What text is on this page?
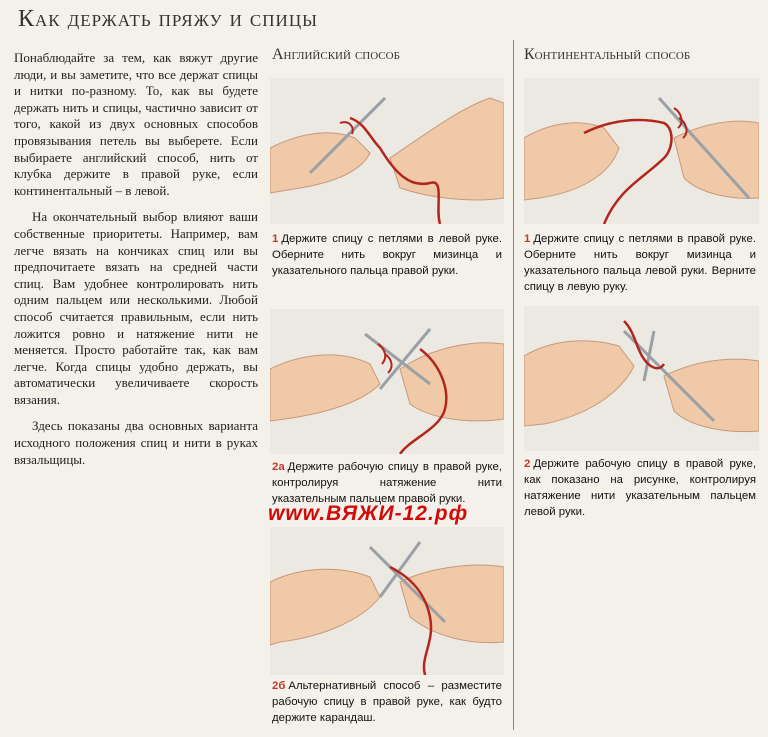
Как держать пряжу и спицы

Понаблюдайте за тем, как вяжут другие люди, и вы заметите, что все держат спицы и нитки по-разному. То, как вы будете держать нить и спицы, частично зависит от того, какой из двух основных способов провязывания петель вы выберете. Если выбираете английский способ, нить от клубка держите в правой руке, если континентальный – в левой.

На окончательный выбор влияют ваши собственные приоритеты. Например, вам легче вязать на кончиках спиц или вы предпочитаете вязать на средней части спиц. Вам удобнее контролировать нить одним пальцем или несколькими. Любой способ считается правильным, если нить ложится ровно и натяжение нити не меняется. Просто работайте так, как вам легче. Когда спицы удобно держать, вы автоматически увеличиваете скорость вязания.

Здесь показаны два основных варианта исходного положения спиц и нити в руках вязальщицы.

Английский способ	Континентальный способ
1 Держите спицу с петлями в левой руке. Оберните нить вокруг мизинца и указательного пальца правой руки.
2а Держите рабочую спицу в правой руке, контролируя натяжение нити указательным пальцем правой руки.
2б Альтернативный способ – разместите рабочую спицу в правой руке, как будто держите карандаш.
1 Держите спицу с петлями в правой руке. Оберните нить вокруг мизинца и указательного пальца левой руки. Верните спицу в левую руку.
2 Держите рабочую спицу в правой руке, как показано на рисунке, контролируя натяжение нити указательным пальцем левой руки.
www.ВЯЖИ-12.рф
